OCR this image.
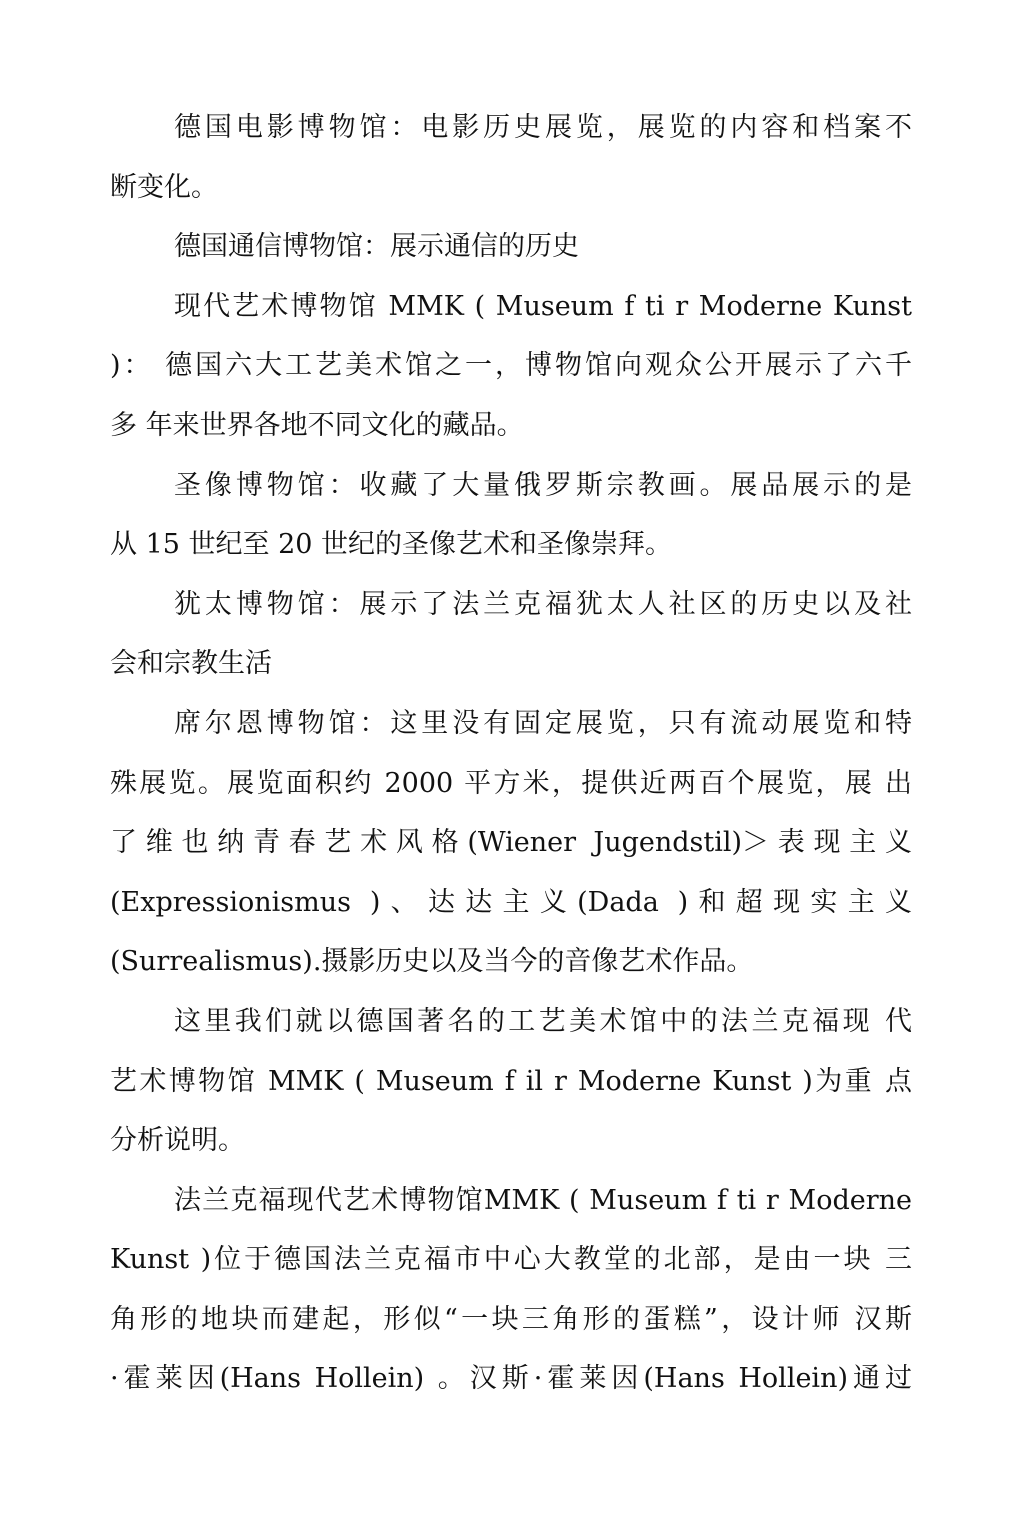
德国电影博物馆：电影历史展览，展览的内容和档案不
断变化。
德国通信博物馆：展示通信的历史
现代艺术博物馆 MMK ( Museum f ti r Moderne Kunst
)： 德国六大工艺美术馆之一，博物馆向观众公开展示了六千
多 年来世界各地不同文化的藏品。
圣像博物馆：收藏了大量俄罗斯宗教画。展品展示的是
从 15 世纪至 20 世纪的圣像艺术和圣像崇拜。
犹太博物馆：展示了法兰克福犹太人社区的历史以及社
会和宗教生活
席尔恩博物馆：这里没有固定展览，只有流动展览和特
殊展览。展览面积约 2000 平方米，提供近两百个展览，展 出
了维也纳青春艺术风格(Wiener Jugendstil)＞表现主义
(Expressionismus )、达达主义(Dada )和超现实主义
(Surrealismus).摄影历史以及当今的音像艺术作品。
这里我们就以德国著名的工艺美术馆中的法兰克福现 代
艺术博物馆 MMK ( Museum f il r Moderne Kunst )为重 点
分析说明。
法兰克福现代艺术博物馆MMK ( Museum f ti r Moderne
Kunst )位于德国法兰克福市中心大教堂的北部，是由一块 三
角形的地块而建起，形似“一块三角形的蛋糕”，设计师 汉斯
·霍莱因(Hans Hollein) 。汉斯·霍莱因(Hans Hollein)通过
